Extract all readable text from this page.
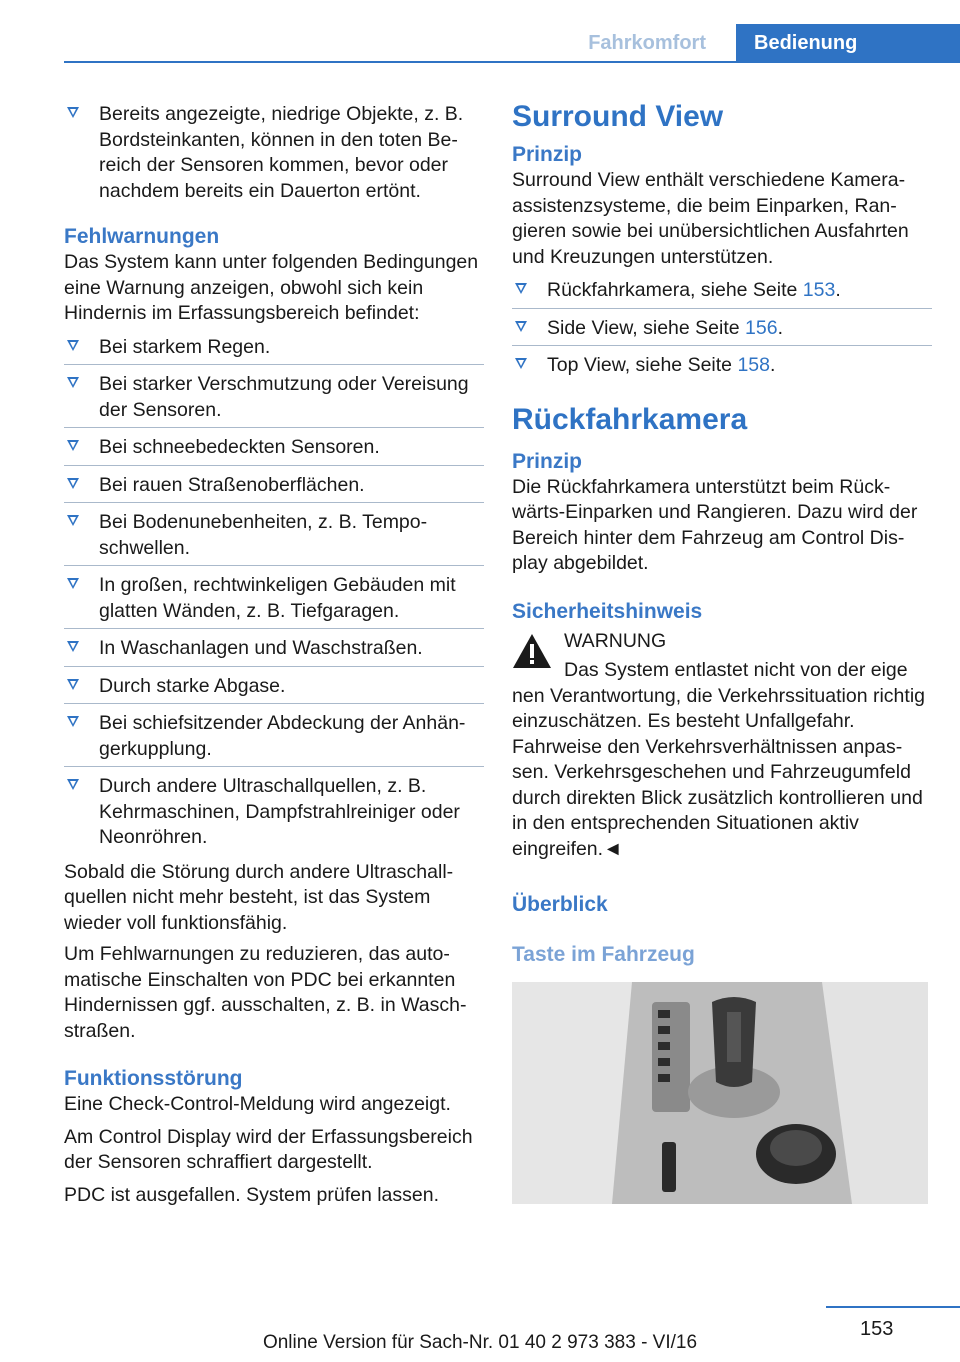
Fahrkomfort	Bedienung
Bereits angezeigte, niedrige Objekte, z. B. Bordsteinkanten, können in den toten Bereich der Sensoren kommen, bevor oder nachdem bereits ein Dauerton ertönt.
Fehlwarnungen
Das System kann unter folgenden Bedingungen eine Warnung anzeigen, obwohl sich kein Hindernis im Erfassungsbereich befindet:
Bei starkem Regen.
Bei starker Verschmutzung oder Vereisung der Sensoren.
Bei schneebedeckten Sensoren.
Bei rauen Straßenoberflächen.
Bei Bodenunebenheiten, z. B. Temposchwellen.
In großen, rechtwinkeligen Gebäuden mit glatten Wänden, z. B. Tiefgaragen.
In Waschanlagen und Waschstraßen.
Durch starke Abgase.
Bei schiefsitzender Abdeckung der Anhängerkupplung.
Durch andere Ultraschallquellen, z. B. Kehrmaschinen, Dampfstrahlreiniger oder Neonröhren.
Sobald die Störung durch andere Ultraschallquellen nicht mehr besteht, ist das System wieder voll funktionsfähig.
Um Fehlwarnungen zu reduzieren, das automatische Einschalten von PDC bei erkannten Hindernissen ggf. ausschalten, z. B. in Waschstraßen.
Funktionsstörung
Eine Check-Control-Meldung wird angezeigt.
Am Control Display wird der Erfassungsbereich der Sensoren schraffiert dargestellt.
PDC ist ausgefallen. System prüfen lassen.
Surround View
Prinzip
Surround View enthält verschiedene Kameraassistenzsysteme, die beim Einparken, Rangieren sowie bei unübersichtlichen Ausfahrten und Kreuzungen unterstützen.
Rückfahrkamera, siehe Seite 153.
Side View, siehe Seite 156.
Top View, siehe Seite 158.
Rückfahrkamera
Prinzip
Die Rückfahrkamera unterstützt beim Rückwärts-Einparken und Rangieren. Dazu wird der Bereich hinter dem Fahrzeug am Control Display abgebildet.
Sicherheitshinweis
WARNUNG
Das System entlastet nicht von der eige
nen Verantwortung, die Verkehrssituation richtig einzuschätzen. Es besteht Unfallgefahr. Fahrweise den Verkehrsverhältnissen anpassen. Verkehrsgeschehen und Fahrzeugumfeld durch direkten Blick zusätzlich kontrollieren und in den entsprechenden Situationen aktiv eingreifen.◄
Überblick
Taste im Fahrzeug
153
Online Version für Sach-Nr. 01 40 2 973 383 - VI/16
